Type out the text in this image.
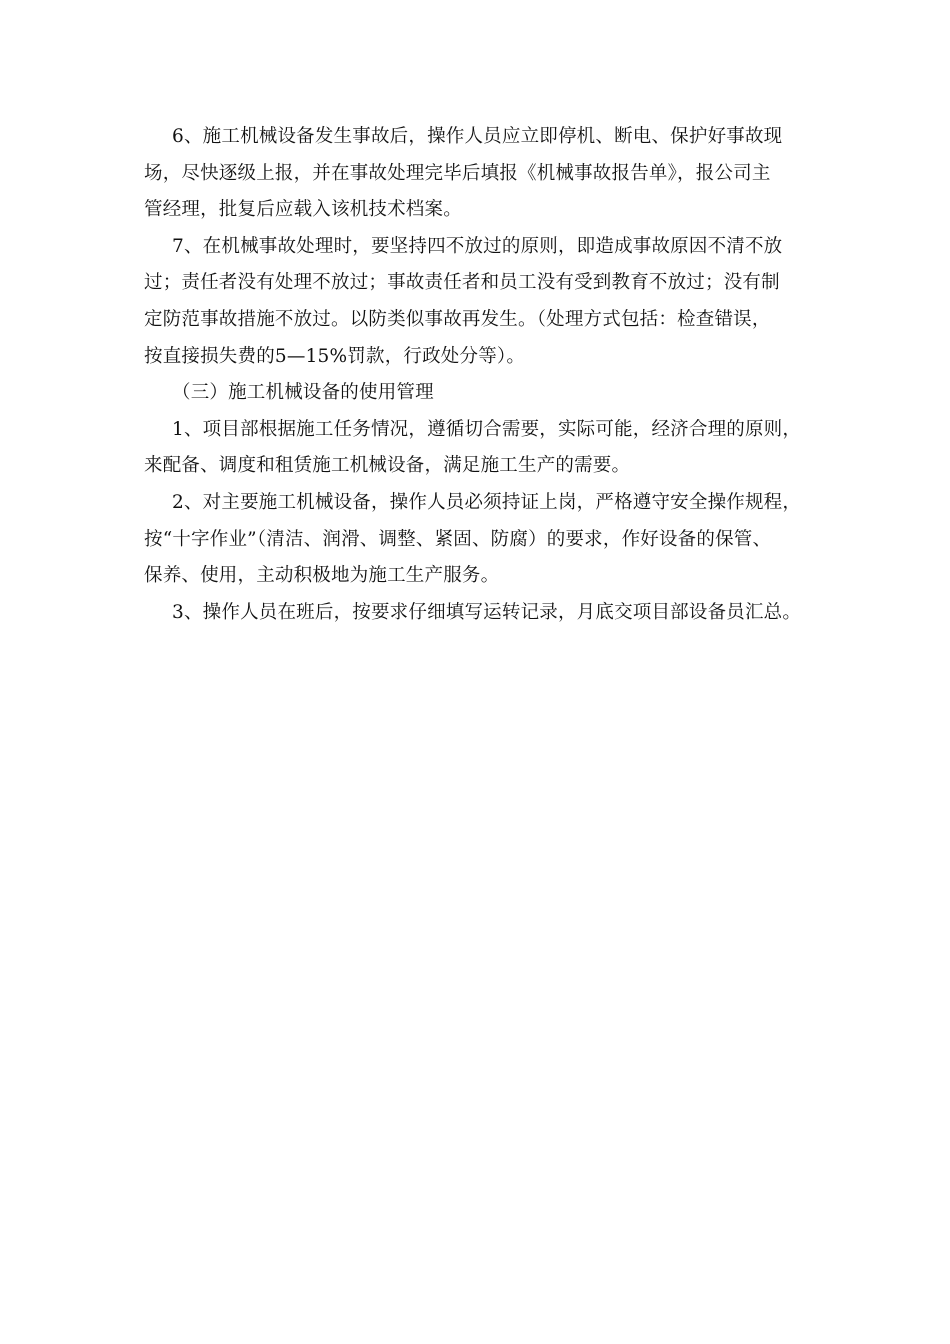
6、施工机械设备发生事故后，操作人员应立即停机、断电、保护好事故现
场，尽快逐级上报，并在事故处理完毕后填报《机械事故报告单》，报公司主
管经理，批复后应载入该机技术档案。

7、在机械事故处理时，要坚持四不放过的原则，即造成事故原因不清不放
过；责任者没有处理不放过；事故责任者和员工没有受到教育不放过；没有制
定防范事故措施不放过。以防类似事故再发生。（处理方式包括：检查错误，
按直接损失费的5—15%罚款，行政处分等）。

（三）施工机械设备的使用管理

1、项目部根据施工任务情况，遵循切合需要，实际可能，经济合理的原则，
来配备、调度和租赁施工机械设备，满足施工生产的需要。

2、对主要施工机械设备，操作人员必须持证上岗，严格遵守安全操作规程，
按“十字作业”（清洁、润滑、调整、紧固、防腐）的要求，作好设备的保管、
保养、使用，主动积极地为施工生产服务。

3、操作人员在班后，按要求仔细填写运转记录，月底交项目部设备员汇总。
